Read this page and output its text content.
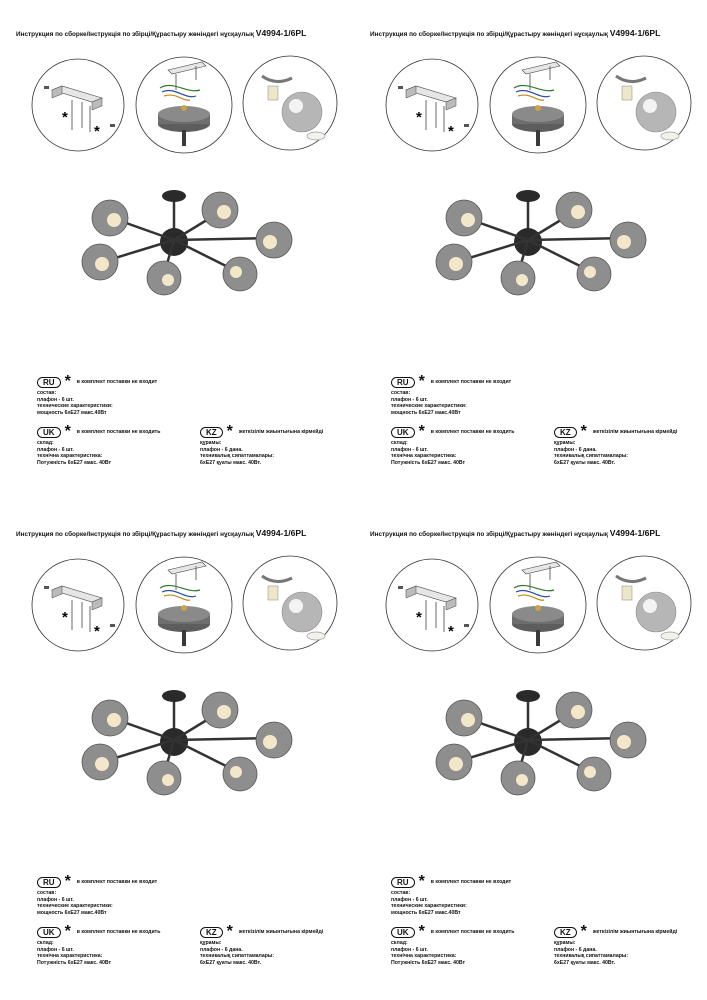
Инструкция по сборке/Інструкція по збірці/Құрастыру жөніндегі нұсқаулық V4994-1/6PL
*
*
RU * в комплект поставки не входит
состав:
плафон - 6 шт.
технические характеристики:
мощность 6хЕ27 макс.40Вт
UK * в комплект поставки не входить
склад:
плафон - 6 шт.
технічна характеристика:
Потужність 6хЕ27 макс. 40Вт
KZ * жеткізілім жиынтығына кірмейді
құрамы:
плафон - 6 дана.
техникалық сипаттамалары:
6хЕ27 қуаты макс. 40Вт.
Инструкция по сборке/Інструкція по збірці/Құрастыру жөніндегі нұсқаулық V4994-1/6PL
*
*
RU * в комплект поставки не входит
состав:
плафон - 6 шт.
технические характеристики:
мощность 6хЕ27 макс.40Вт
UK * в комплект поставки не входить
склад:
плафон - 6 шт.
технічна характеристика:
Потужність 6хЕ27 макс. 40Вт
KZ * жеткізілім жиынтығына кірмейді
құрамы:
плафон - 6 дана.
техникалық сипаттамалары:
6хЕ27 қуаты макс. 40Вт.
Инструкция по сборке/Інструкція по збірці/Құрастыру жөніндегі нұсқаулық V4994-1/6PL
*
*
RU * в комплект поставки не входит
состав:
плафон - 6 шт.
технические характеристики:
мощность 6хЕ27 макс.40Вт
UK * в комплект поставки не входить
склад:
плафон - 6 шт.
технічна характеристика:
Потужність 6хЕ27 макс. 40Вт
KZ * жеткізілім жиынтығына кірмейді
құрамы:
плафон - 6 дана.
техникалық сипаттамалары:
6хЕ27 қуаты макс. 40Вт.
Инструкция по сборке/Інструкція по збірці/Құрастыру жөніндегі нұсқаулық V4994-1/6PL
*
*
RU * в комплект поставки не входит
состав:
плафон - 6 шт.
технические характеристики:
мощность 6хЕ27 макс.40Вт
UK * в комплект поставки не входить
склад:
плафон - 6 шт.
технічна характеристика:
Потужність 6хЕ27 макс. 40Вт
KZ * жеткізілім жиынтығына кірмейді
құрамы:
плафон - 6 дана.
техникалық сипаттамалары:
6хЕ27 қуаты макс. 40Вт.
